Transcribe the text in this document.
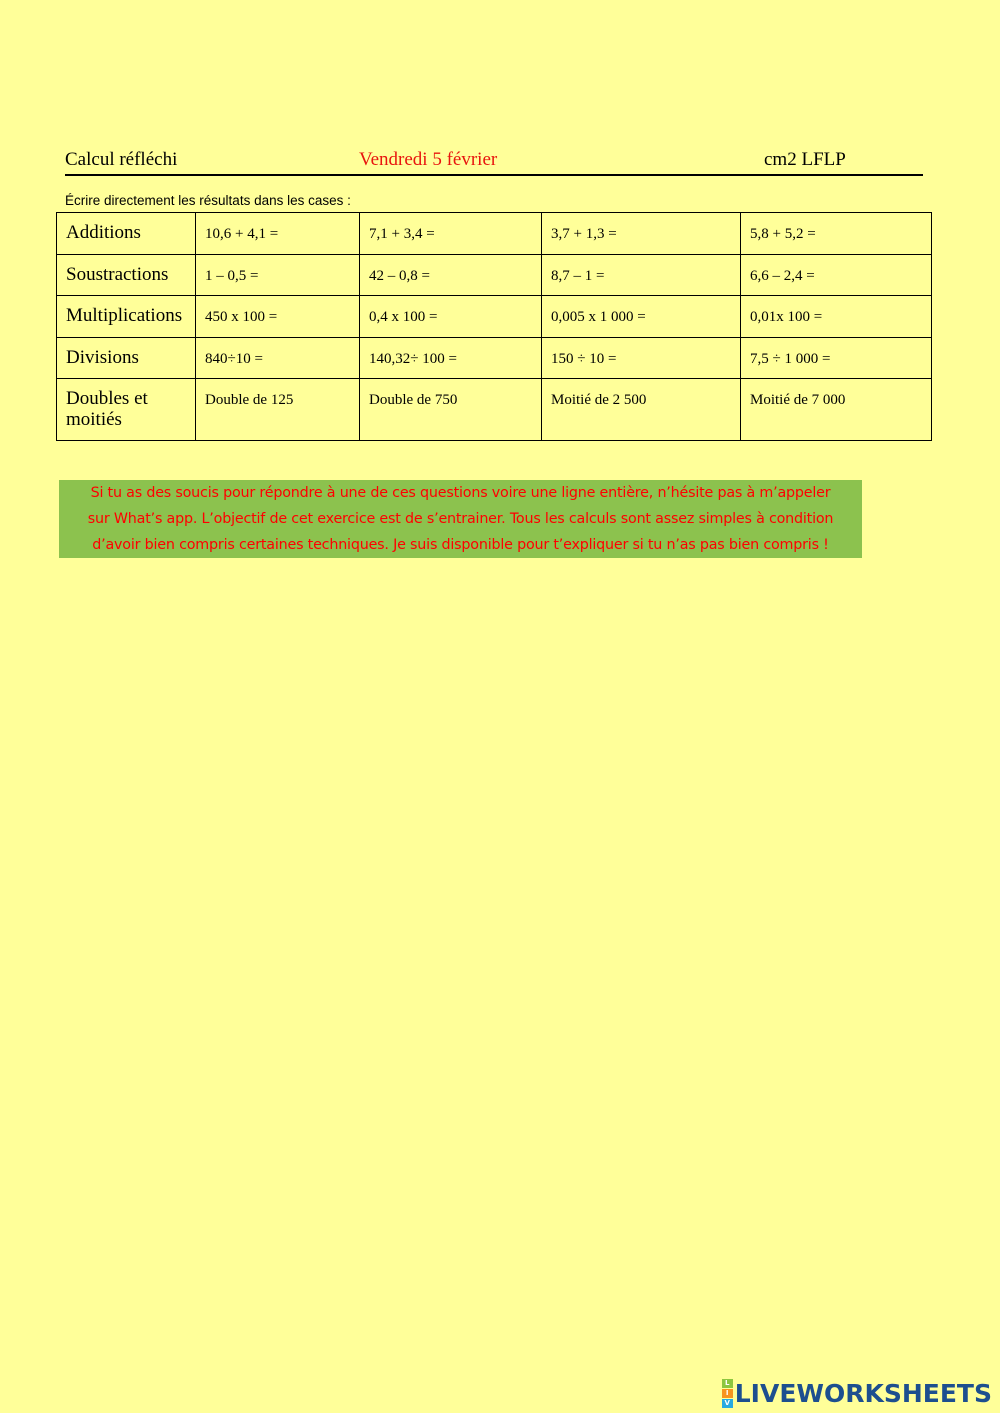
Calcul réfléchi	Vendredi 5 février	cm2 LFLP
Écrire directement les résultats dans les cases :
Additions	10,6 + 4,1 =	7,1 + 3,4 =	3,7 + 1,3 =	5,8 + 5,2 =
Soustractions	1 – 0,5 =	42 – 0,8 =	8,7 – 1 =	6,6 – 2,4 =
Multiplications	450 x 100 =	0,4 x 100 =	0,005 x 1 000 =	0,01x 100 =
Divisions	840÷10 =	140,32÷ 100 =	150 ÷ 10 =	7,5 ÷ 1 000 =
Doubles et moitiés	Double de 125	Double de 750	Moitié de 2 500	Moitié de 7 000
Si tu as des soucis pour répondre à une de ces questions voire une ligne entière, n’hésite pas à m’appeler
sur What’s app. L’objectif de cet exercice est de s’entrainer. Tous les calculs sont assez simples à condition
d’avoir bien compris certaines techniques. Je suis disponible pour t’expliquer si tu n’as pas bien compris !
L
I
V LIVEWORKSHEETS
